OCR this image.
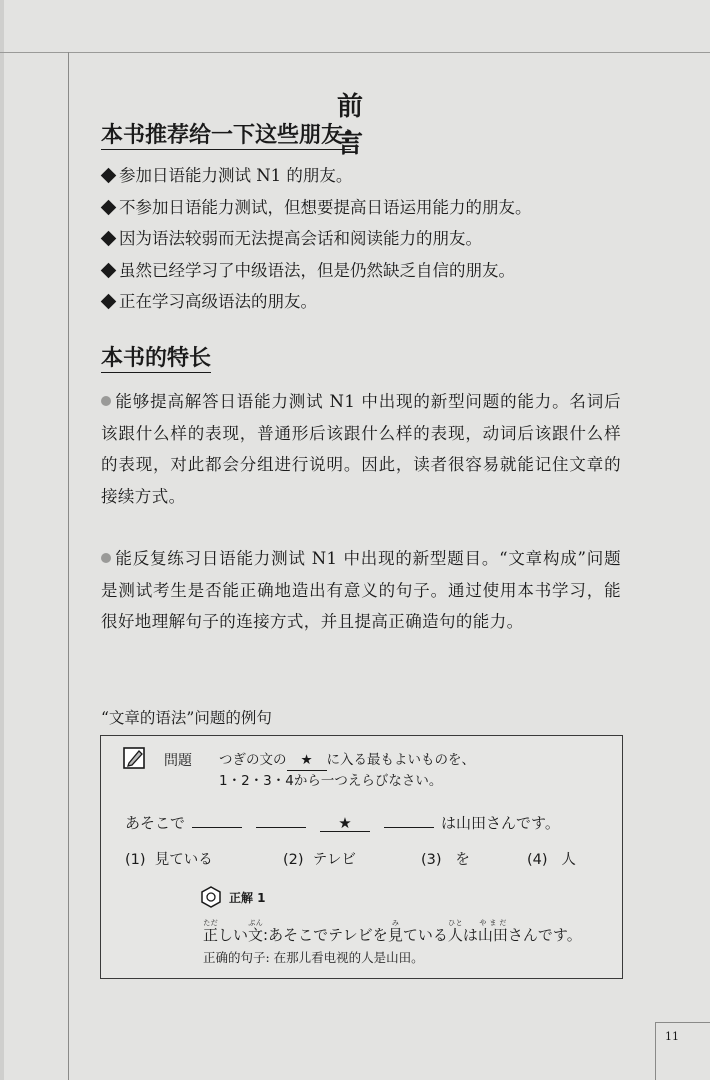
前 言
本书推荐给一下这些朋友:
参加日语能力测试 N1 的朋友。
不参加日语能力测试，但想要提高日语运用能力的朋友。
因为语法较弱而无法提高会话和阅读能力的朋友。
虽然已经学习了中级语法，但是仍然缺乏自信的朋友。
正在学习高级语法的朋友。
本书的特长

能够提高解答日语能力测试 N1 中出现的新型问题的能力。名词后该跟什么样的表现，普通形后该跟什么样的表现，动词后该跟什么样的表现，对此都会分组进行说明。因此，读者很容易就能记住文章的接续方式。

能反复练习日语能力测试 N1 中出现的新型题目。“文章构成”问题是测试考生是否能正确地造出有意义的句子。通过使用本书学习，能很好地理解句子的连接方式，并且提高正确造句的能力。

“文章的语法”问题的例句
問題 つぎの文の ★ に入る最もよいものを、
1・2・3・4から一つえらびなさい。
あそこで	★	は山田さんです。
(1) 見ている	(2) テレビ	(3) を	(4) 人
正解 1
正ただしい文ぶん:あそこでテレビを見みている人ひとは山田やまださんです。
正确的句子: 在那儿看电视的人是山田。
11
